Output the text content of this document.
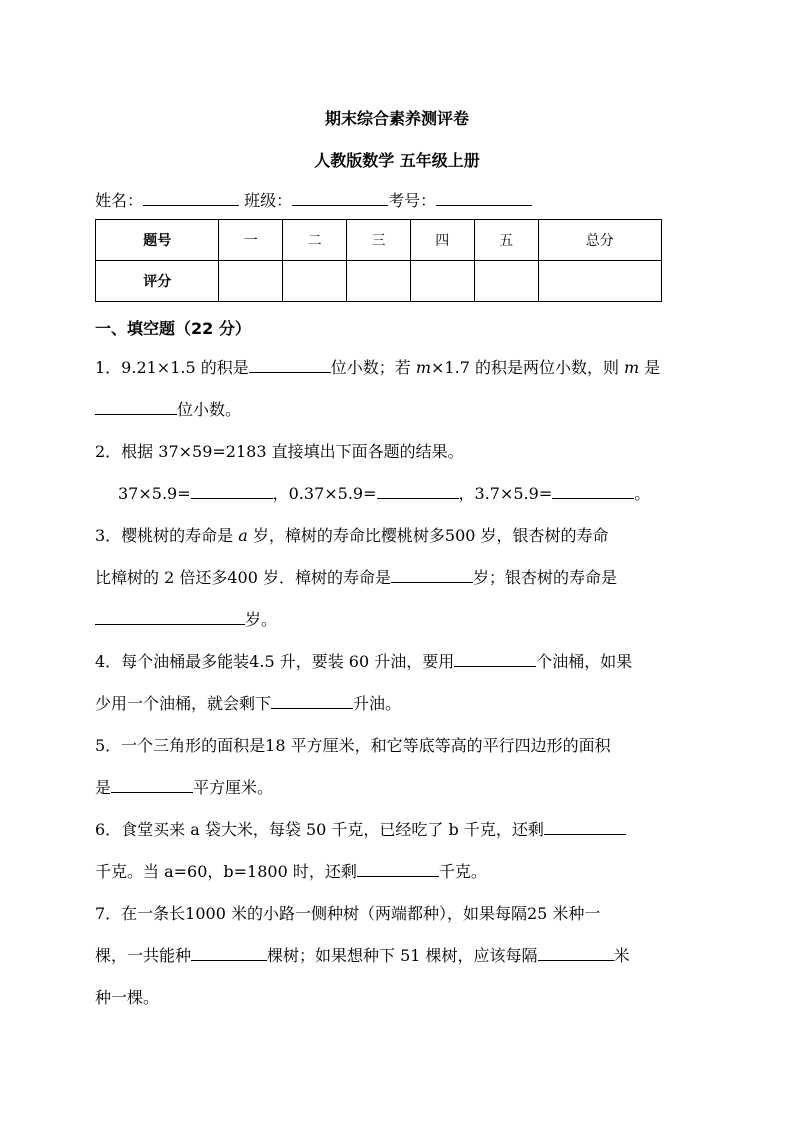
期末综合素养测评卷
人教版数学 五年级上册
姓名：	班级：	考号：
题号	一	二	三	四	五	总分
评分						
一、填空题（22 分）
1．9.21×1.5 的积是	位小数；若 m×1.7 的积是两位小数，则 m 是
位小数。
2．根据 37×59=2183 直接填出下面各题的结果。
37×5.9=	，0.37×5.9=	，3.7×5.9=	。
3．樱桃树的寿命是 a 岁，樟树的寿命比樱桃树多500 岁，银杏树的寿命
比樟树的 2 倍还多400 岁．樟树的寿命是	岁；银杏树的寿命是
岁。
4．每个油桶最多能装4.5 升，要装 60 升油，要用	个油桶，如果
少用一个油桶，就会剩下	升油。
5．一个三角形的面积是18 平方厘米，和它等底等高的平行四边形的面积
是	平方厘米。
6．食堂买来 a 袋大米，每袋 50 千克，已经吃了 b 千克，还剩
千克。当 a=60，b=1800 时，还剩	千克。
7．在一条长1000 米的小路一侧种树（两端都种），如果每隔25 米种一
棵，一共能种	棵树；如果想种下 51 棵树，应该每隔	米
种一棵。
